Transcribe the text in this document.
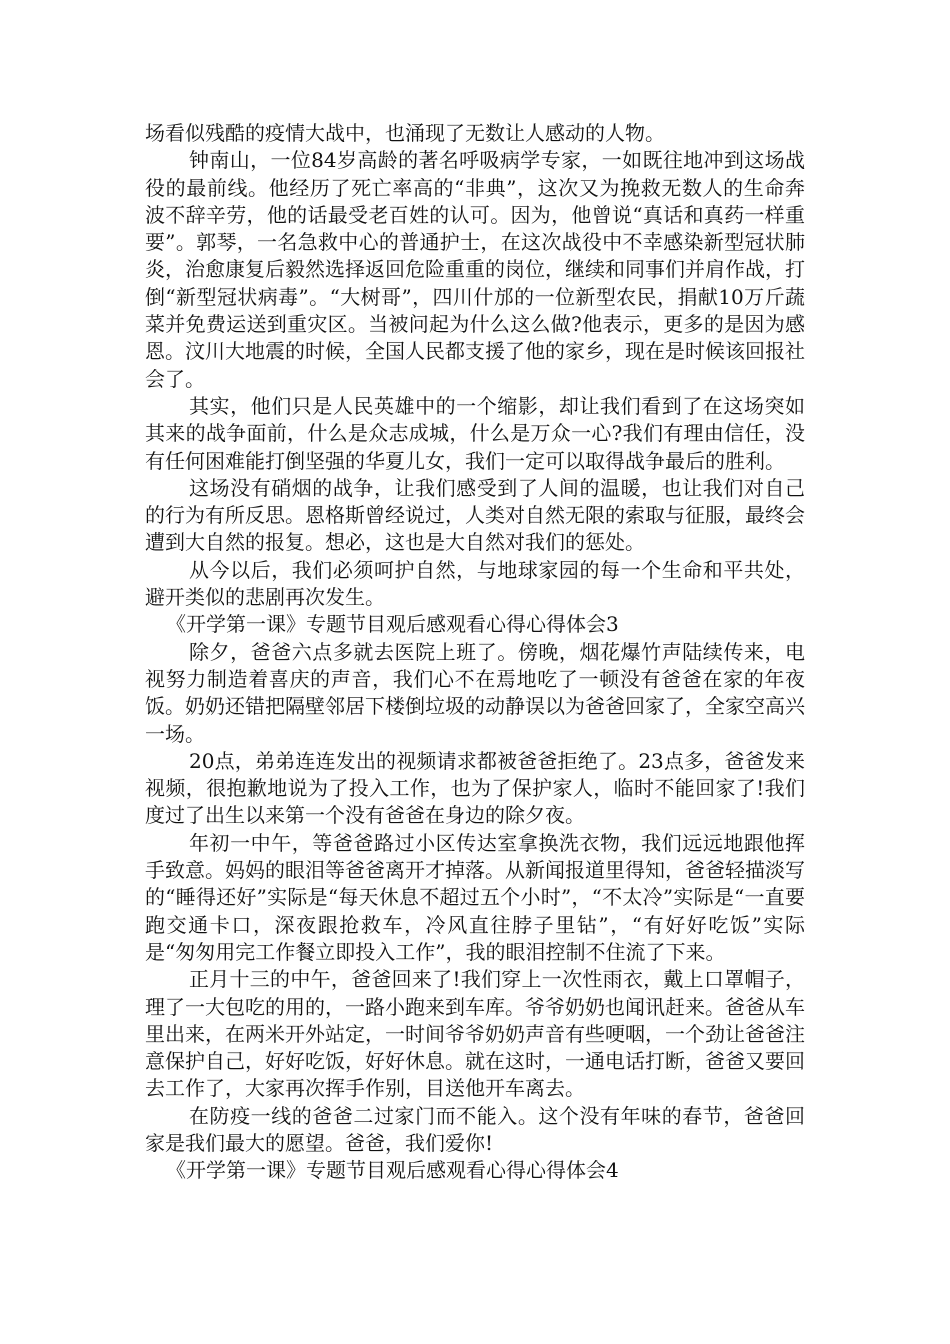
场看似残酷的疫情大战中，也涌现了无数让人感动的人物。

钟南山，一位84岁高龄的著名呼吸病学专家，一如既往地冲到这场战役的最前线。他经历了死亡率高的“非典”，这次又为挽救无数人的生命奔波不辞辛劳，他的话最受老百姓的认可。因为，他曾说“真话和真药一样重要”。郭琴，一名急救中心的普通护士，在这次战役中不幸感染新型冠状肺炎，治愈康复后毅然选择返回危险重重的岗位，继续和同事们并肩作战，打倒“新型冠状病毒”。“大树哥”，四川什邡的一位新型农民，捐献10万斤蔬菜并免费运送到重灾区。当被问起为什么这么做?他表示，更多的是因为感恩。汶川大地震的时候，全国人民都支援了他的家乡，现在是时候该回报社会了。

其实，他们只是人民英雄中的一个缩影，却让我们看到了在这场突如其来的战争面前，什么是众志成城，什么是万众一心?我们有理由信任，没有任何困难能打倒坚强的华夏儿女，我们一定可以取得战争最后的胜利。

这场没有硝烟的战争，让我们感受到了人间的温暖，也让我们对自己的行为有所反思。恩格斯曾经说过，人类对自然无限的索取与征服，最终会遭到大自然的报复。想必，这也是大自然对我们的惩处。

从今以后，我们必须呵护自然，与地球家园的每一个生命和平共处，避开类似的悲剧再次发生。

《开学第一课》专题节目观后感观看心得心得体会3

除夕，爸爸六点多就去医院上班了。傍晚，烟花爆竹声陆续传来，电视努力制造着喜庆的声音，我们心不在焉地吃了一顿没有爸爸在家的年夜饭。奶奶还错把隔壁邻居下楼倒垃圾的动静误以为爸爸回家了，全家空高兴一场。

20点，弟弟连连发出的视频请求都被爸爸拒绝了。23点多，爸爸发来视频，很抱歉地说为了投入工作，也为了保护家人，临时不能回家了!我们度过了出生以来第一个没有爸爸在身边的除夕夜。

年初一中午，等爸爸路过小区传达室拿换洗衣物，我们远远地跟他挥手致意。妈妈的眼泪等爸爸离开才掉落。从新闻报道里得知，爸爸轻描淡写的“睡得还好”实际是“每天休息不超过五个小时”，“不太冷”实际是“一直要跑交通卡口，深夜跟抢救车，冷风直往脖子里钻”，“有好好吃饭”实际是“匆匆用完工作餐立即投入工作”，我的眼泪控制不住流了下来。

正月十三的中午，爸爸回来了!我们穿上一次性雨衣，戴上口罩帽子，理了一大包吃的用的，一路小跑来到车库。爷爷奶奶也闻讯赶来。爸爸从车里出来，在两米开外站定，一时间爷爷奶奶声音有些哽咽，一个劲让爸爸注意保护自己，好好吃饭，好好休息。就在这时，一通电话打断，爸爸又要回去工作了，大家再次挥手作别，目送他开车离去。

在防疫一线的爸爸二过家门而不能入。这个没有年味的春节，爸爸回家是我们最大的愿望。爸爸，我们爱你!

《开学第一课》专题节目观后感观看心得心得体会4
